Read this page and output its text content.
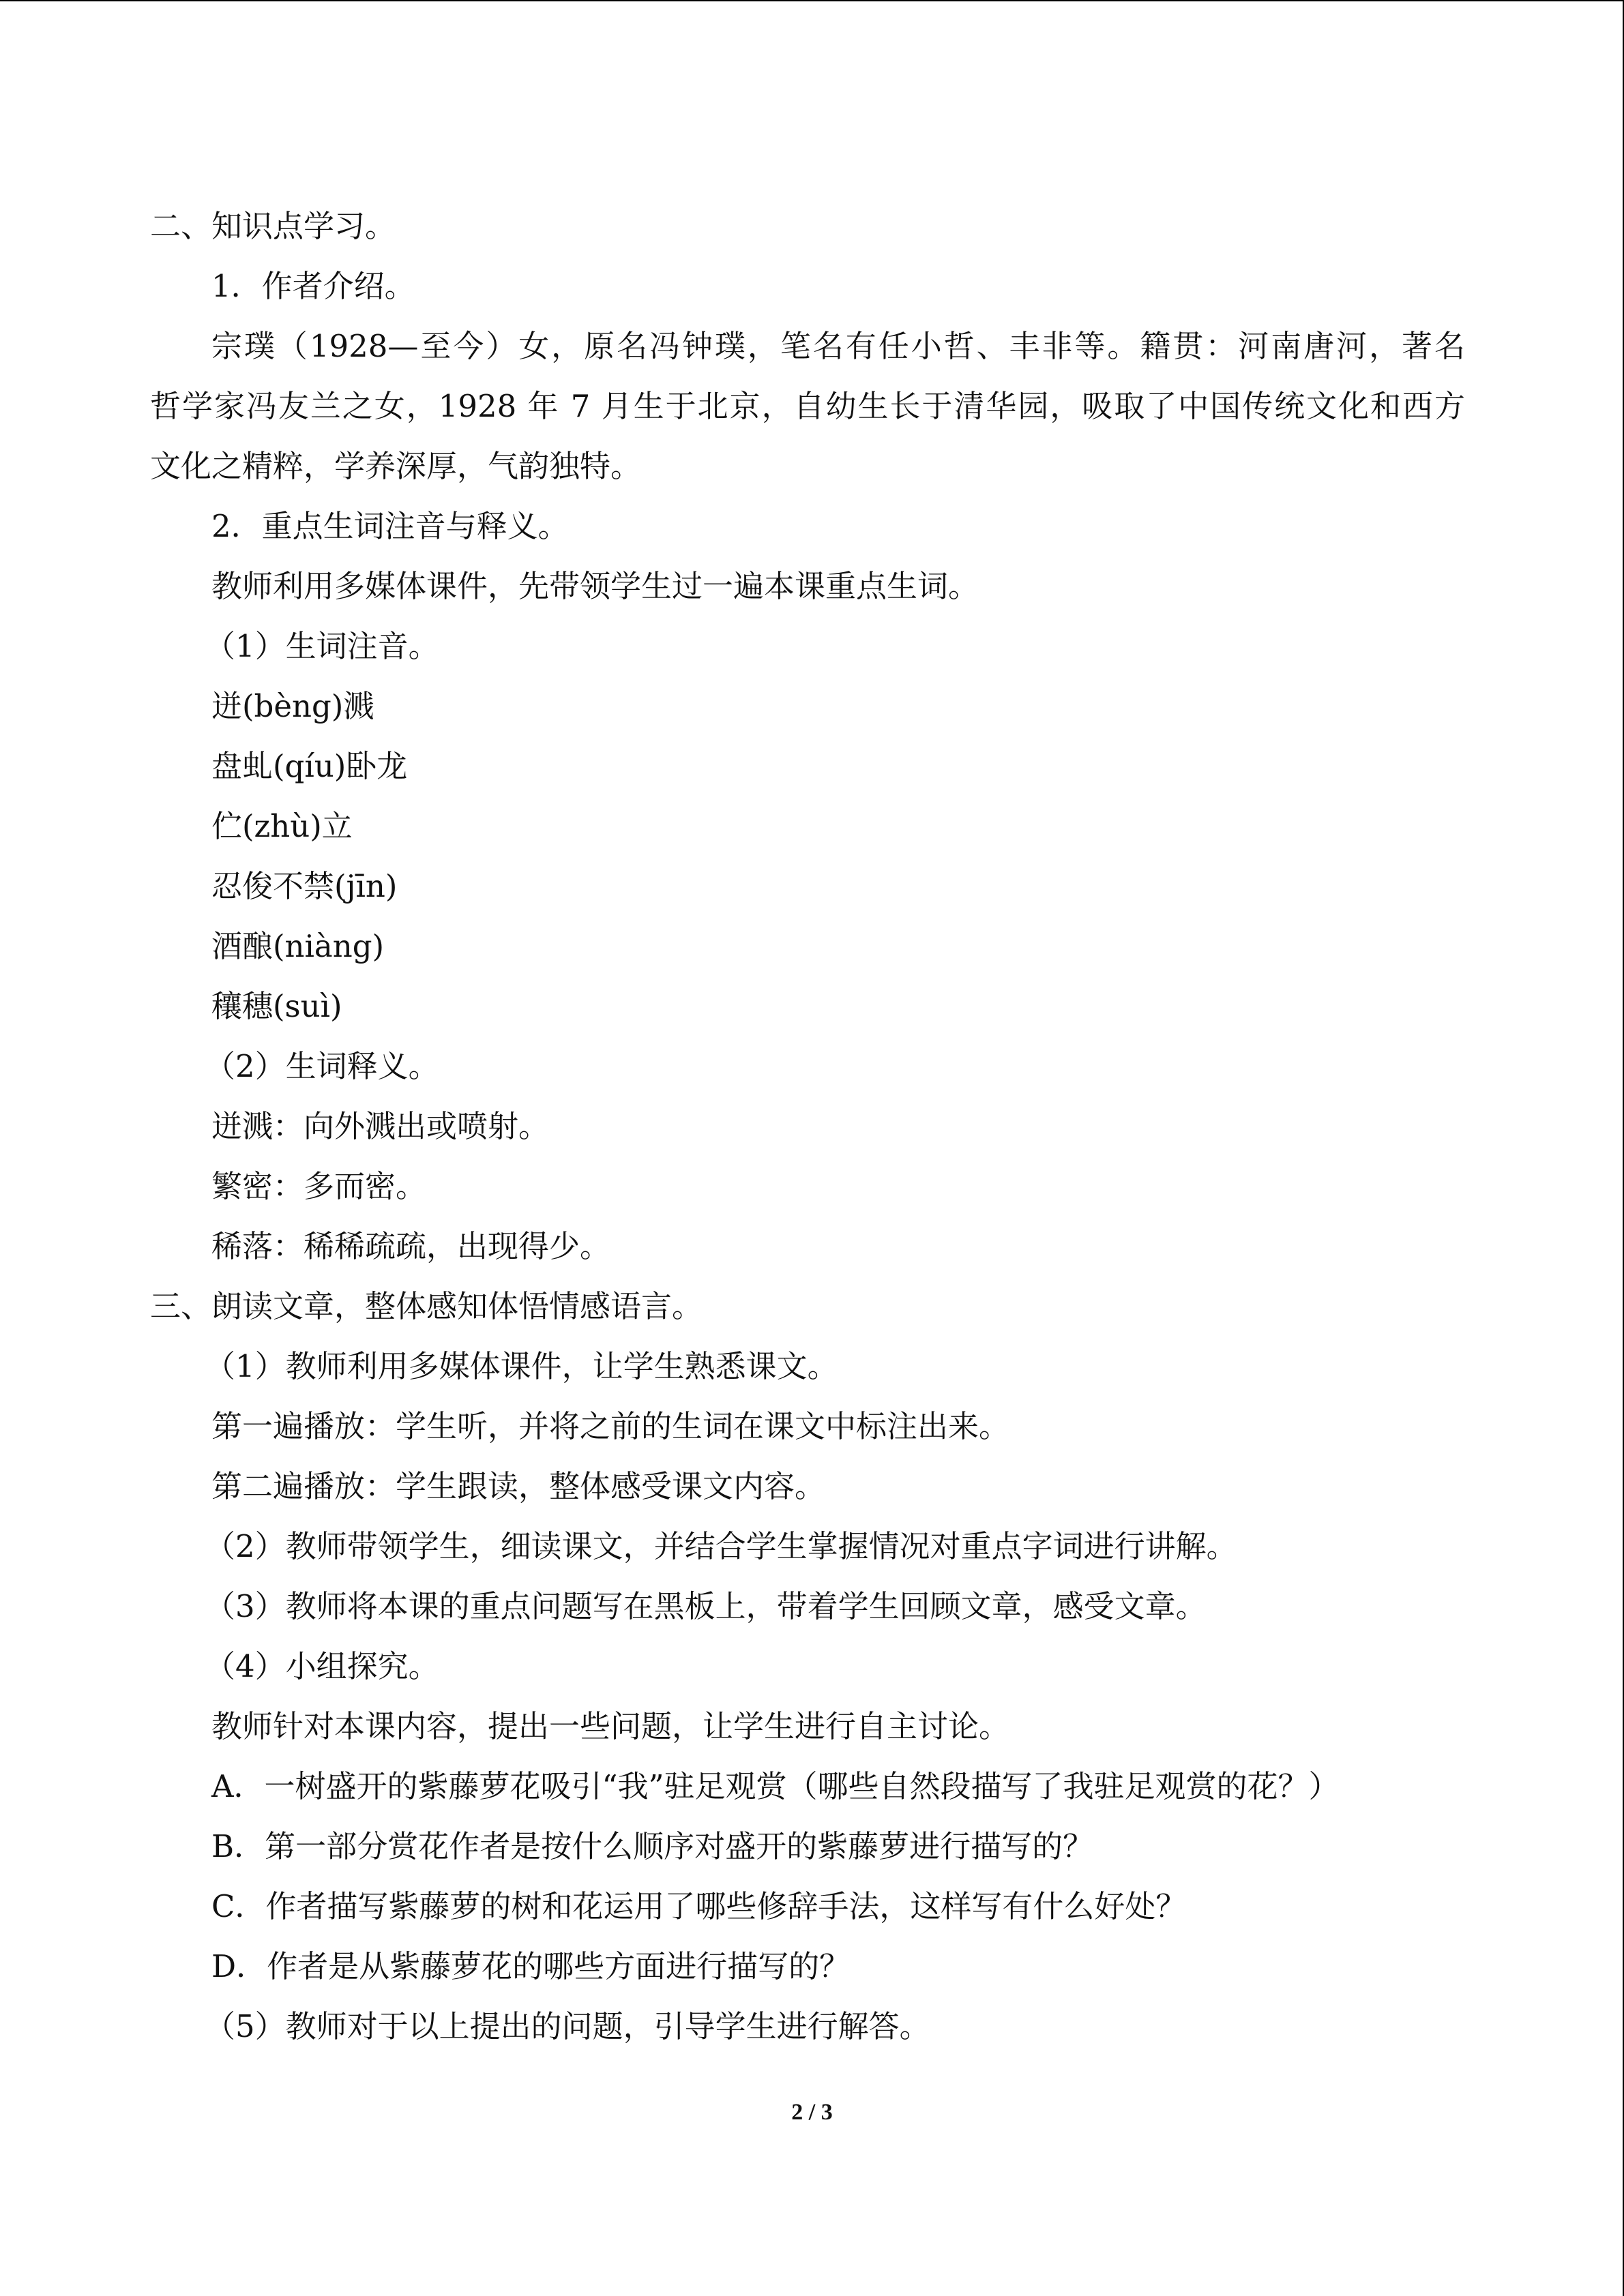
二、知识点学习。
1．作者介绍。
宗璞（1928—至今）女，原名冯钟璞，笔名有任小哲、丰非等。籍贯：河南唐河，著名
哲学家冯友兰之女，1928 年 7 月生于北京，自幼生长于清华园，吸取了中国传统文化和西方
文化之精粹，学养深厚，气韵独特。
2．重点生词注音与释义。
教师利用多媒体课件，先带领学生过一遍本课重点生词。
（1）生词注音。
迸(bèng)溅
盘虬(qíu)卧龙
伫(zhù)立
忍俊不禁(jīn)
酒酿(niàng)
穰穗(suì)
（2）生词释义。
迸溅：向外溅出或喷射。
繁密：多而密。
稀落：稀稀疏疏，出现得少。
三、朗读文章，整体感知体悟情感语言。
（1）教师利用多媒体课件，让学生熟悉课文。
第一遍播放：学生听，并将之前的生词在课文中标注出来。
第二遍播放：学生跟读，整体感受课文内容。
（2）教师带领学生，细读课文，并结合学生掌握情况对重点字词进行讲解。
（3）教师将本课的重点问题写在黑板上，带着学生回顾文章，感受文章。
（4）小组探究。
教师针对本课内容，提出一些问题，让学生进行自主讨论。
A．一树盛开的紫藤萝花吸引“我”驻足观赏（哪些自然段描写了我驻足观赏的花？）
B．第一部分赏花作者是按什么顺序对盛开的紫藤萝进行描写的？
C．作者描写紫藤萝的树和花运用了哪些修辞手法，这样写有什么好处？
D．作者是从紫藤萝花的哪些方面进行描写的？
（5）教师对于以上提出的问题，引导学生进行解答。
2 / 3
